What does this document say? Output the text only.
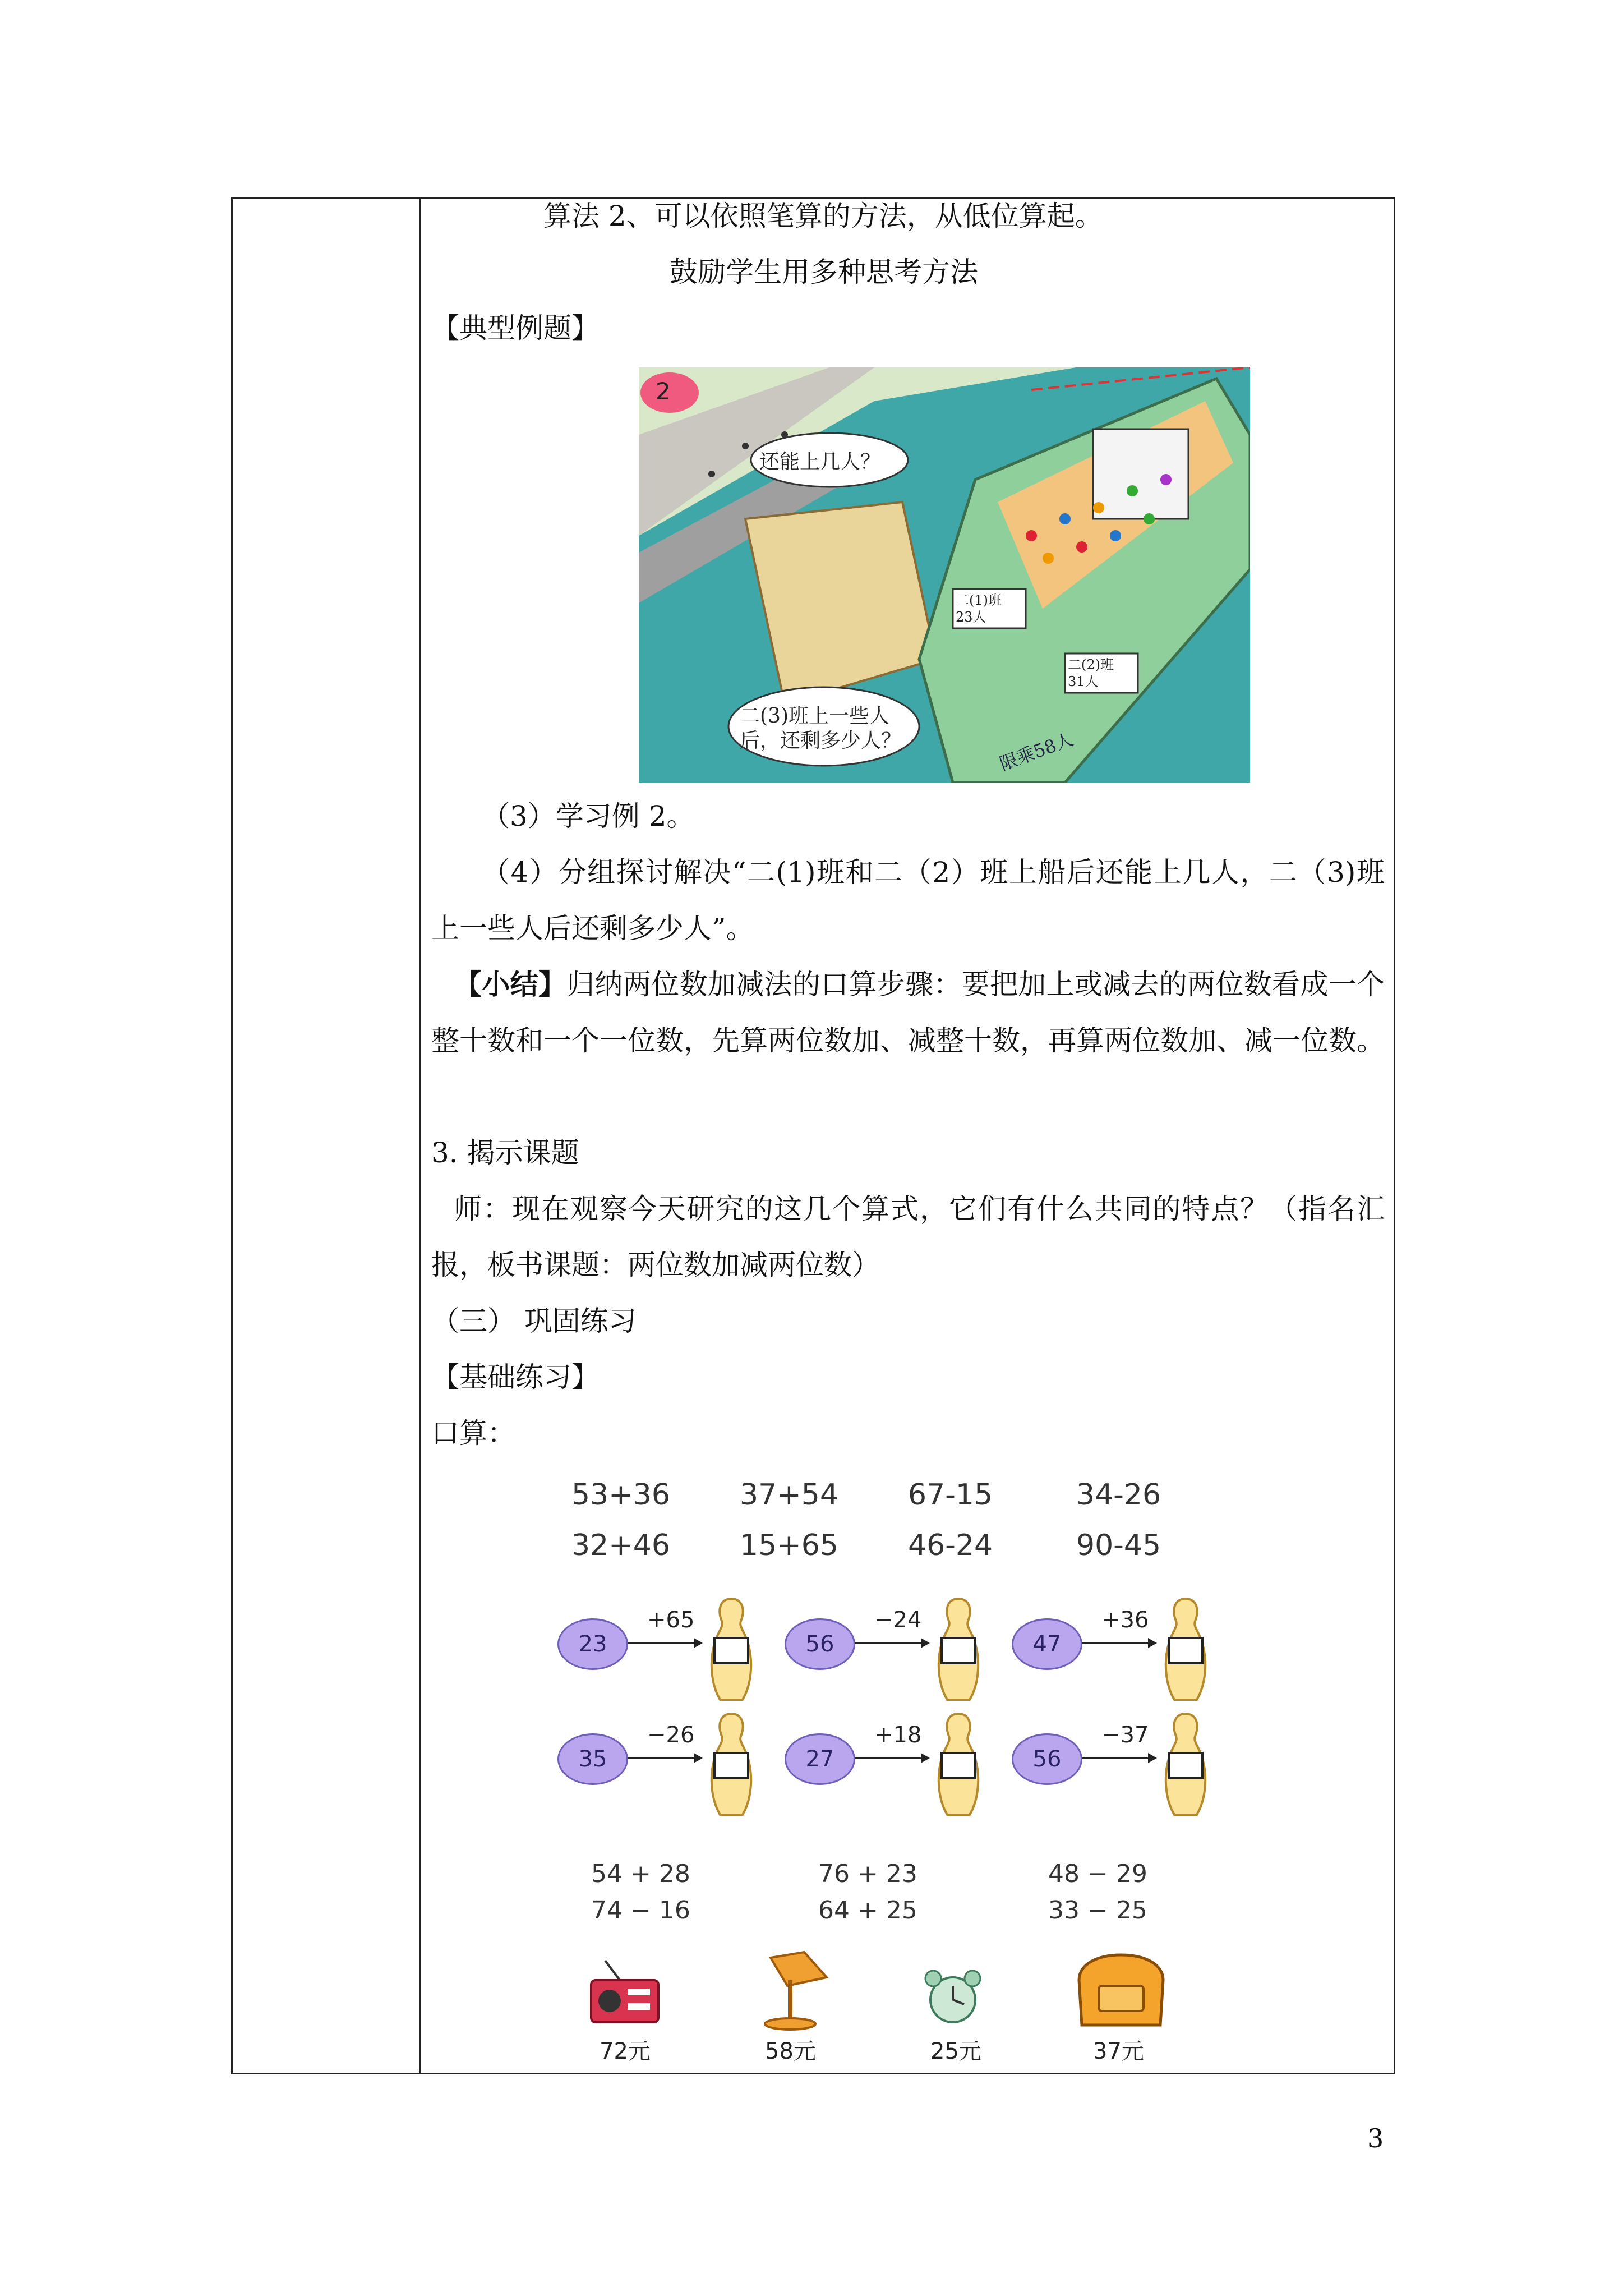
算法 2、可以依照笔算的方法，从低位算起。
鼓励学生用多种思考方法
【典型例题】
2
还能上几人？
二(3)班上一些人后，还剩多少人？
二(1)班 23人
二(2)班 31人
限乘58人
（3）学习例 2。
（4）分组探讨解决“二(1)班和二（2）班上船后还能上几人，二（3)班上一些人后还剩多少人”。
【小结】归纳两位数加减法的口算步骤：要把加上或减去的两位数看成一个整十数和一个一位数，先算两位数加、减整十数，再算两位数加、减一位数。
3. 揭示课题
师：现在观察今天研究的这几个算式，它们有什么共同的特点？（指名汇报，板书课题：两位数加减两位数）
（三） 巩固练习
【基础练习】
口算：
53+36 37+54 67-15	34-26
32+46 15+65 46-24	90-45
23
+65
56
−24
47
+36
35
−26
27
+18
56
−37
54 + 28	76 + 23	48 − 29
74 − 16	64 + 25	33 − 25
72元	58元	25元	37元
3
